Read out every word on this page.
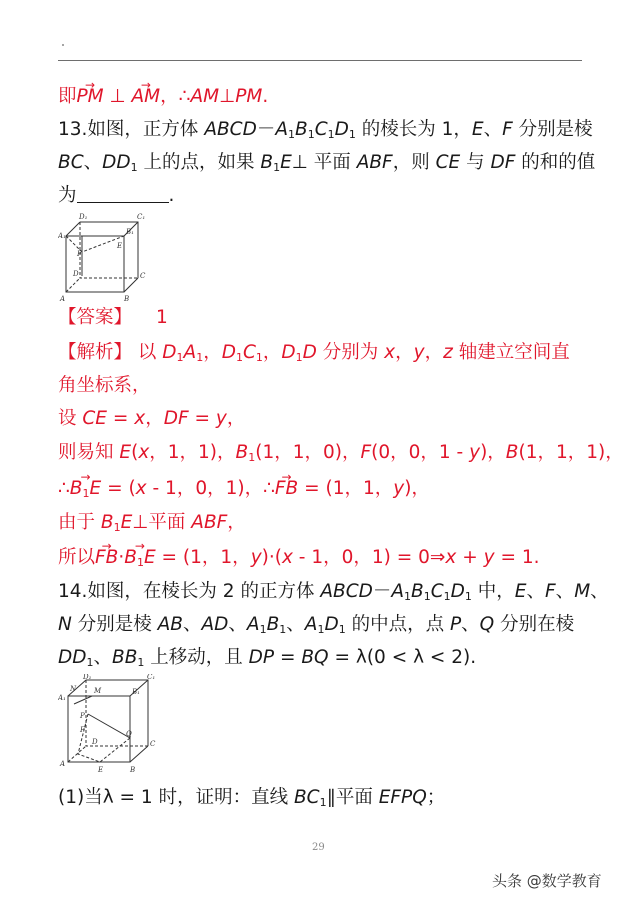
即→ PM ⊥ → AM，∴AM⊥PM.
13.如图，正方体 $ABCD-A_1B_1C_1D_1$ 的棱长为 1，E、F 分别是棱
BC、$DD_1$ 上的点，如果 $B_1E\perp$ 平面 ABF，则 CE 与 DF 的和的值
为	.
D₁	C₁
A₁	B₁
E
F
D	C
A	B
【答案】 1
【解析】 以 $D_1A_1$，$D_1C_1$，$D_1D$ 分别为 x，y，z 轴建立空间直
角坐标系，
设 CE = x，DF = y，
则易知 E(x，1，1)，$B_1(1$，1，0)，F(0，0，1 - y)，B(1，1，1)，
∴→ $B_1E = (x - 1$，0，1)，∴→ FB = (1，1，y)，
由于 $B_1E\perp$平面 ABF，
所以→ $FB\cdot\to B_1E = (1$，1，y)·(x - 1，0，1) = 0⇒x + y = 1.
14.如图，在棱长为 2 的正方体 $ABCD-A_1B_1C_1D_1$ 中，E、F、M、
N 分别是棱 AB、AD、$A_1B_1$、$A_1D_1$ 的中点，点 P、Q 分别在棱
$DD_1$、$BB_1$ 上移动，且 DP = BQ = λ(0 < λ < 2).
D₁	C₁
N	M
A₁
B₁
P
F
D
Q
C
A
E	B
(1)当λ = 1 时，证明：直线 $BC_1\parallel$平面 EFPQ；
29
头条 @数学教育
